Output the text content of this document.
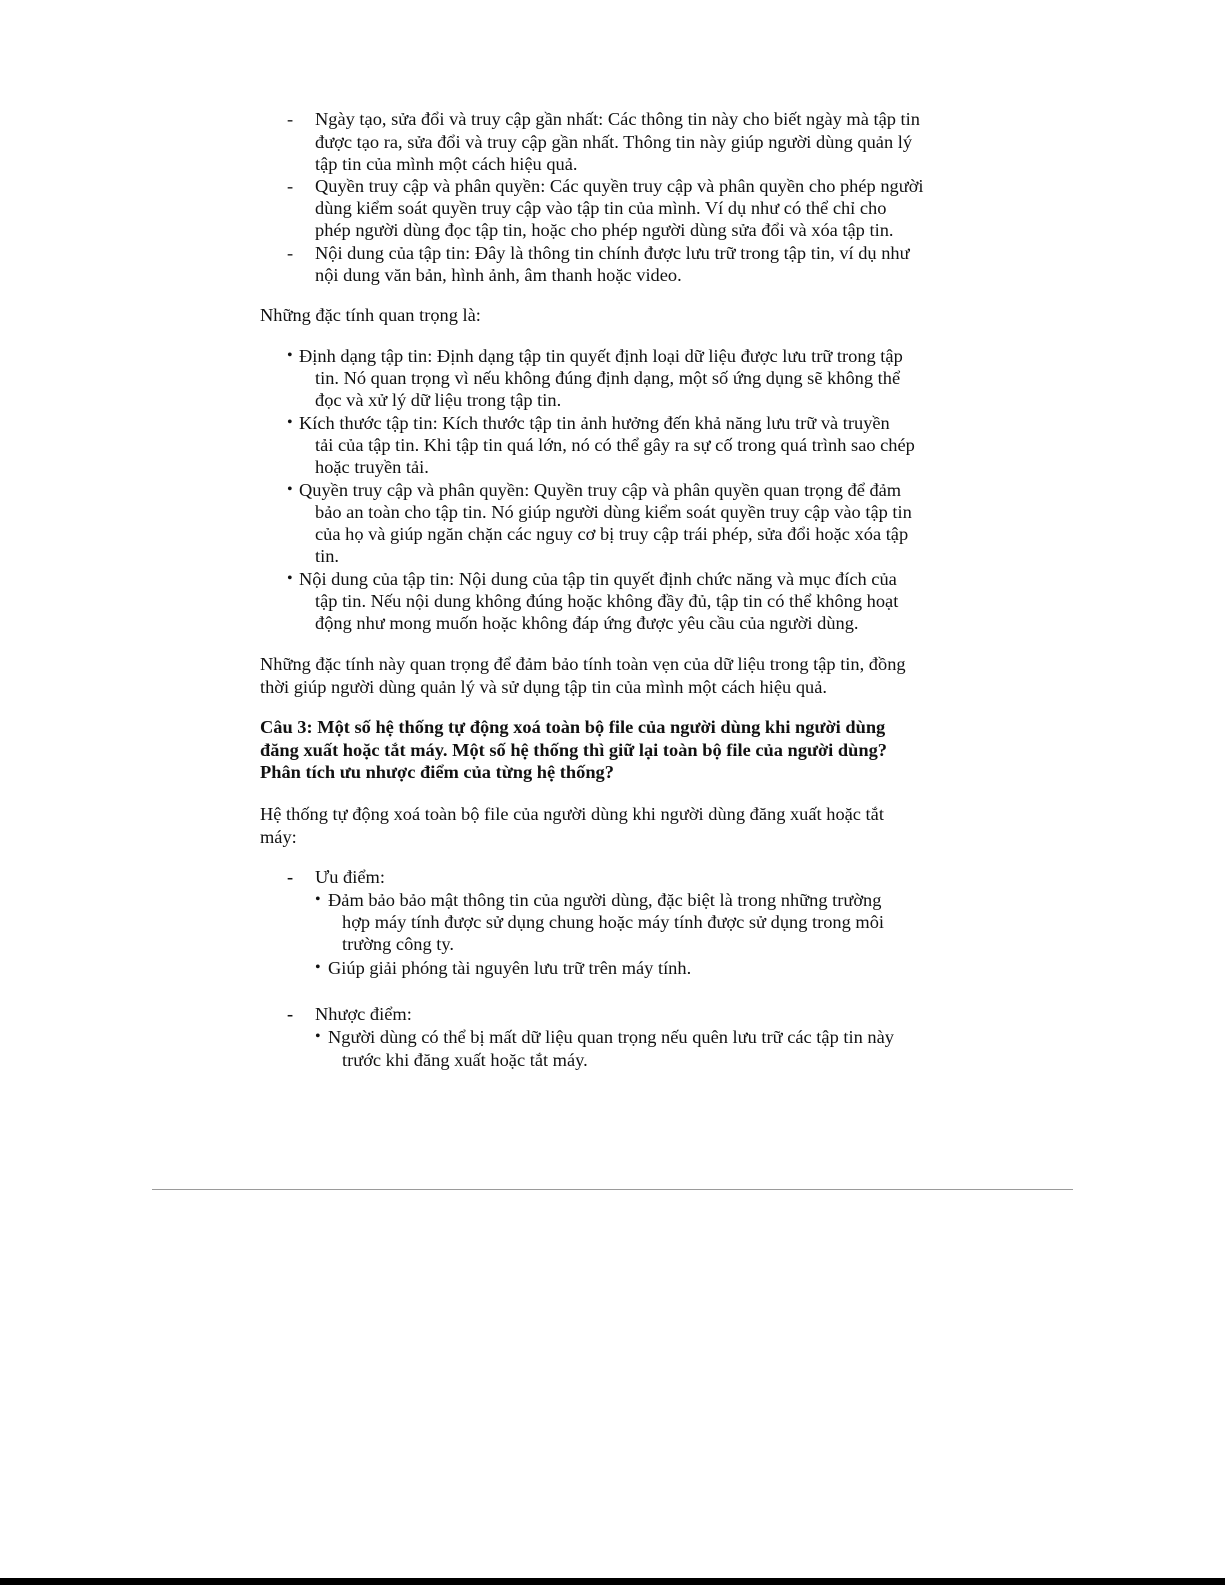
- Ngày tạo, sửa đổi và truy cập gần nhất: Các thông tin này cho biết ngày mà tập tin
được tạo ra, sửa đổi và truy cập gần nhất. Thông tin này giúp người dùng quản lý
tập tin của mình một cách hiệu quả.
- Quyền truy cập và phân quyền: Các quyền truy cập và phân quyền cho phép người
dùng kiểm soát quyền truy cập vào tập tin của mình. Ví dụ như có thể chỉ cho
phép người dùng đọc tập tin, hoặc cho phép người dùng sửa đổi và xóa tập tin.
- Nội dung của tập tin: Đây là thông tin chính được lưu trữ trong tập tin, ví dụ như
nội dung văn bản, hình ảnh, âm thanh hoặc video.
Những đặc tính quan trọng là:
• Định dạng tập tin: Định dạng tập tin quyết định loại dữ liệu được lưu trữ trong tập
tin. Nó quan trọng vì nếu không đúng định dạng, một số ứng dụng sẽ không thể
đọc và xử lý dữ liệu trong tập tin.
• Kích thước tập tin: Kích thước tập tin ảnh hưởng đến khả năng lưu trữ và truyền
tải của tập tin. Khi tập tin quá lớn, nó có thể gây ra sự cố trong quá trình sao chép
hoặc truyền tải.
• Quyền truy cập và phân quyền: Quyền truy cập và phân quyền quan trọng để đảm
bảo an toàn cho tập tin. Nó giúp người dùng kiểm soát quyền truy cập vào tập tin
của họ và giúp ngăn chặn các nguy cơ bị truy cập trái phép, sửa đổi hoặc xóa tập
tin.
• Nội dung của tập tin: Nội dung của tập tin quyết định chức năng và mục đích của
tập tin. Nếu nội dung không đúng hoặc không đầy đủ, tập tin có thể không hoạt
động như mong muốn hoặc không đáp ứng được yêu cầu của người dùng.
Những đặc tính này quan trọng để đảm bảo tính toàn vẹn của dữ liệu trong tập tin, đồng
thời giúp người dùng quản lý và sử dụng tập tin của mình một cách hiệu quả.
Câu 3: Một số hệ thống tự động xoá toàn bộ file của người dùng khi người dùng
đăng xuất hoặc tắt máy. Một số hệ thống thì giữ lại toàn bộ file của người dùng?
Phân tích ưu nhược điểm của từng hệ thống?
Hệ thống tự động xoá toàn bộ file của người dùng khi người dùng đăng xuất hoặc tắt
máy:
- Ưu điểm:
• Đảm bảo bảo mật thông tin của người dùng, đặc biệt là trong những trường
hợp máy tính được sử dụng chung hoặc máy tính được sử dụng trong môi
trường công ty.
• Giúp giải phóng tài nguyên lưu trữ trên máy tính.
- Nhược điểm:
• Người dùng có thể bị mất dữ liệu quan trọng nếu quên lưu trữ các tập tin này
trước khi đăng xuất hoặc tắt máy.
